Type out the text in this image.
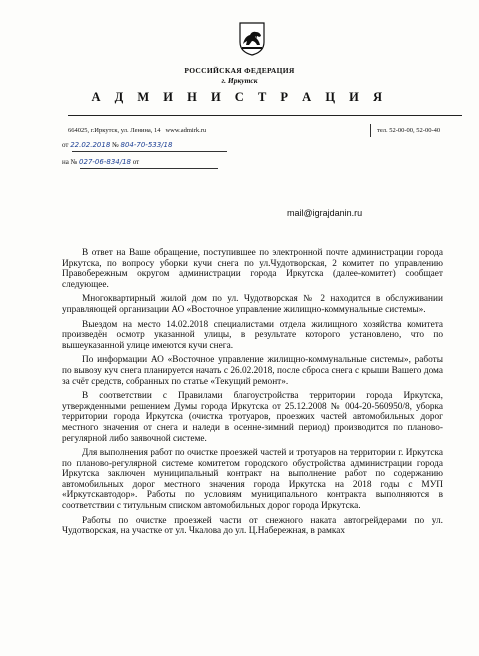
РОССИЙСКАЯ ФЕДЕРАЦИЯ
г. Иркутск
А Д М И Н И С Т Р А Ц И Я
664025, г.Иркутск, ул. Ленина, 14 www.admirk.ru	тел. 52-00-00, 52-00-40
от 22.02.2018 № 804-70-533/18
на № 027-06-834/18 от
mail@igrajdanin.ru

В ответ на Ваше обращение, поступившее по электронной почте администрации города Иркутска, по вопросу уборки кучи снега по ул.Чудотворская, 2 комитет по управлению Правобережным округом администрации города Иркутска (далее-комитет) сообщает следующее.

Многоквартирный жилой дом по ул. Чудотворская № 2 находится в обслуживании управляющей организации АО «Восточное управление жилищно-коммунальные системы».

Выездом на место 14.02.2018 специалистами отдела жилищного хозяйства комитета произведён осмотр указанной улицы, в результате которого установлено, что по вышеуказанной улице имеются кучи снега.

По информации АО «Восточное управление жилищно-коммунальные системы», работы по вывозу куч снега планируется начать с 26.02.2018, после сброса снега с крыши Вашего дома за счёт средств, собранных по статье «Текущий ремонт».

В соответствии с Правилами благоустройства территории города Иркутска, утвержденными решением Думы города Иркутска от 25.12.2008 № 004-20-560950/8, уборка территории города Иркутска (очистка тротуаров, проезжих частей автомобильных дорог местного значения от снега и наледи в осенне-зимний период) производится по планово-регулярной либо заявочной системе.

Для выполнения работ по очистке проезжей частей и тротуаров на территории г. Иркутска по планово-регулярной системе комитетом городского обустройства администрации города Иркутска заключен муниципальный контракт на выполнение работ по содержанию автомобильных дорог местного значения города Иркутска на 2018 годы с МУП «Иркутскавтодор». Работы по условиям муниципального контракта выполняются в соответствии с титульным списком автомобильных дорог города Иркутска.

Работы по очистке проезжей части от снежного наката автогрейдерами по ул. Чудотворская, на участке от ул. Чкалова до ул. Ц.Набережная, в рамках
